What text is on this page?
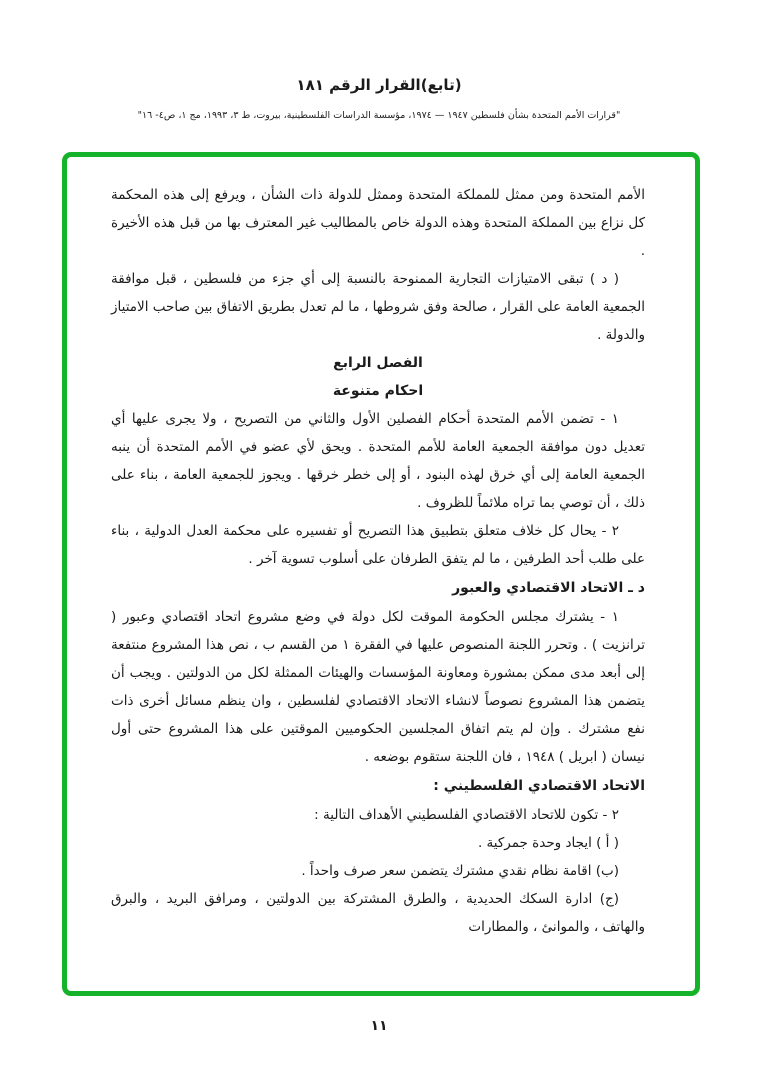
(تابع)القرار الرقم ١٨١
"قرارات الأمم المتحدة بشأن فلسطين ١٩٤٧ — ١٩٧٤، مؤسسة الدراسات الفلسطينية، بيروت، ط ٣، ١٩٩٣، مج ١، ص٤- ١٦"

الأمم المتحدة ومن ممثل للمملكة المتحدة وممثل للدولة ذات الشأن ، ويرفع إلى هذه المحكمة كل نزاع بين المملكة المتحدة وهذه الدولة خاص بالمطاليب غير المعترف بها من قبل هذه الأخيرة .

( د ) تبقى الامتيازات التجارية الممنوحة بالنسبة إلى أي جزء من فلسطين ، قبل موافقة الجمعية العامة على القرار ، صالحة وفق شروطها ، ما لم تعدل بطريق الاتفاق بين صاحب الامتياز والدولة .

الفصل الرابع

احكام متنوعة

١ - تضمن الأمم المتحدة أحكام الفصلين الأول والثاني من التصريح ، ولا يجرى عليها أي تعديل دون موافقة الجمعية العامة للأمم المتحدة . ويحق لأي عضو في الأمم المتحدة أن ينبه الجمعية العامة إلى أي خرق لهذه البنود ، أو إلى خطر خرقها . ويجوز للجمعية العامة ، بناء على ذلك ، أن توصي بما تراه ملائماً للظروف .

٢ - يحال كل خلاف متعلق بتطبيق هذا التصريح أو تفسيره على محكمة العدل الدولية ، بناء على طلب أحد الطرفين ، ما لم يتفق الطرفان على أسلوب تسوية آخر .

د ـ الاتحاد الاقتصادي والعبور

١ - يشترك مجلس الحكومة الموقت لكل دولة في وضع مشروع اتحاد اقتصادي وعبور ( ترانزيت ) . وتحرر اللجنة المنصوص عليها في الفقرة ١ من القسم ب ، نص هذا المشروع منتفعة إلى أبعد مدى ممكن بمشورة ومعاونة المؤسسات والهيئات الممثلة لكل من الدولتين . ويجب أن يتضمن هذا المشروع نصوصاً لانشاء الاتحاد الاقتصادي لفلسطين ، وان ينظم مسائل أخرى ذات نفع مشترك . وإن لم يتم اتفاق المجلسين الحكوميين الموقتين على هذا المشروع حتى أول نيسان ( ابريل ) ١٩٤٨ ، فان اللجنة ستقوم بوضعه .

الاتحاد الاقتصادي الفلسطيني :

٢ - تكون للاتحاد الاقتصادي الفلسطيني الأهداف التالية :

( أ ) ايجاد وحدة جمركية .

(ب) اقامة نظام نقدي مشترك يتضمن سعر صرف واحداً .

(ج) ادارة السكك الحديدية ، والطرق المشتركة بين الدولتين ، ومرافق البريد ، والبرق والهاتف ، والموانئ ، والمطارات

١١
